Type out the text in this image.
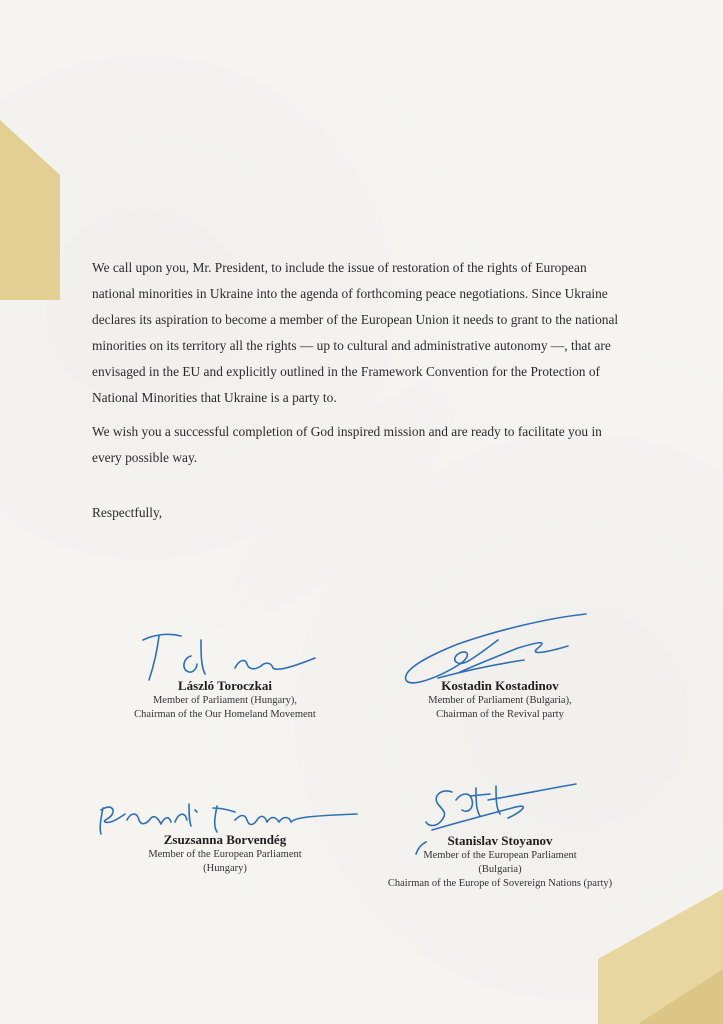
We call upon you, Mr. President, to include the issue of restoration of the rights of European national minorities in Ukraine into the agenda of forthcoming peace negotiations. Since Ukraine declares its aspiration to become a member of the European Union it needs to grant to the national minorities on its territory all the rights — up to cultural and administrative autonomy —, that are envisaged in the EU and explicitly outlined in the Framework Convention for the Protection of National Minorities that Ukraine is a party to.

We wish you a successful completion of God inspired mission and are ready to facilitate you in every possible way.

Respectfully,
László Toroczkai
Member of Parliament (Hungary),
Chairman of the Our Homeland Movement
Kostadin Kostadinov
Member of Parliament (Bulgaria),
Chairman of the Revival party
Zsuzsanna Borvendég
Member of the European Parliament
(Hungary)
Stanislav Stoyanov
Member of the European Parliament
(Bulgaria)
Chairman of the Europe of Sovereign Nations (party)
